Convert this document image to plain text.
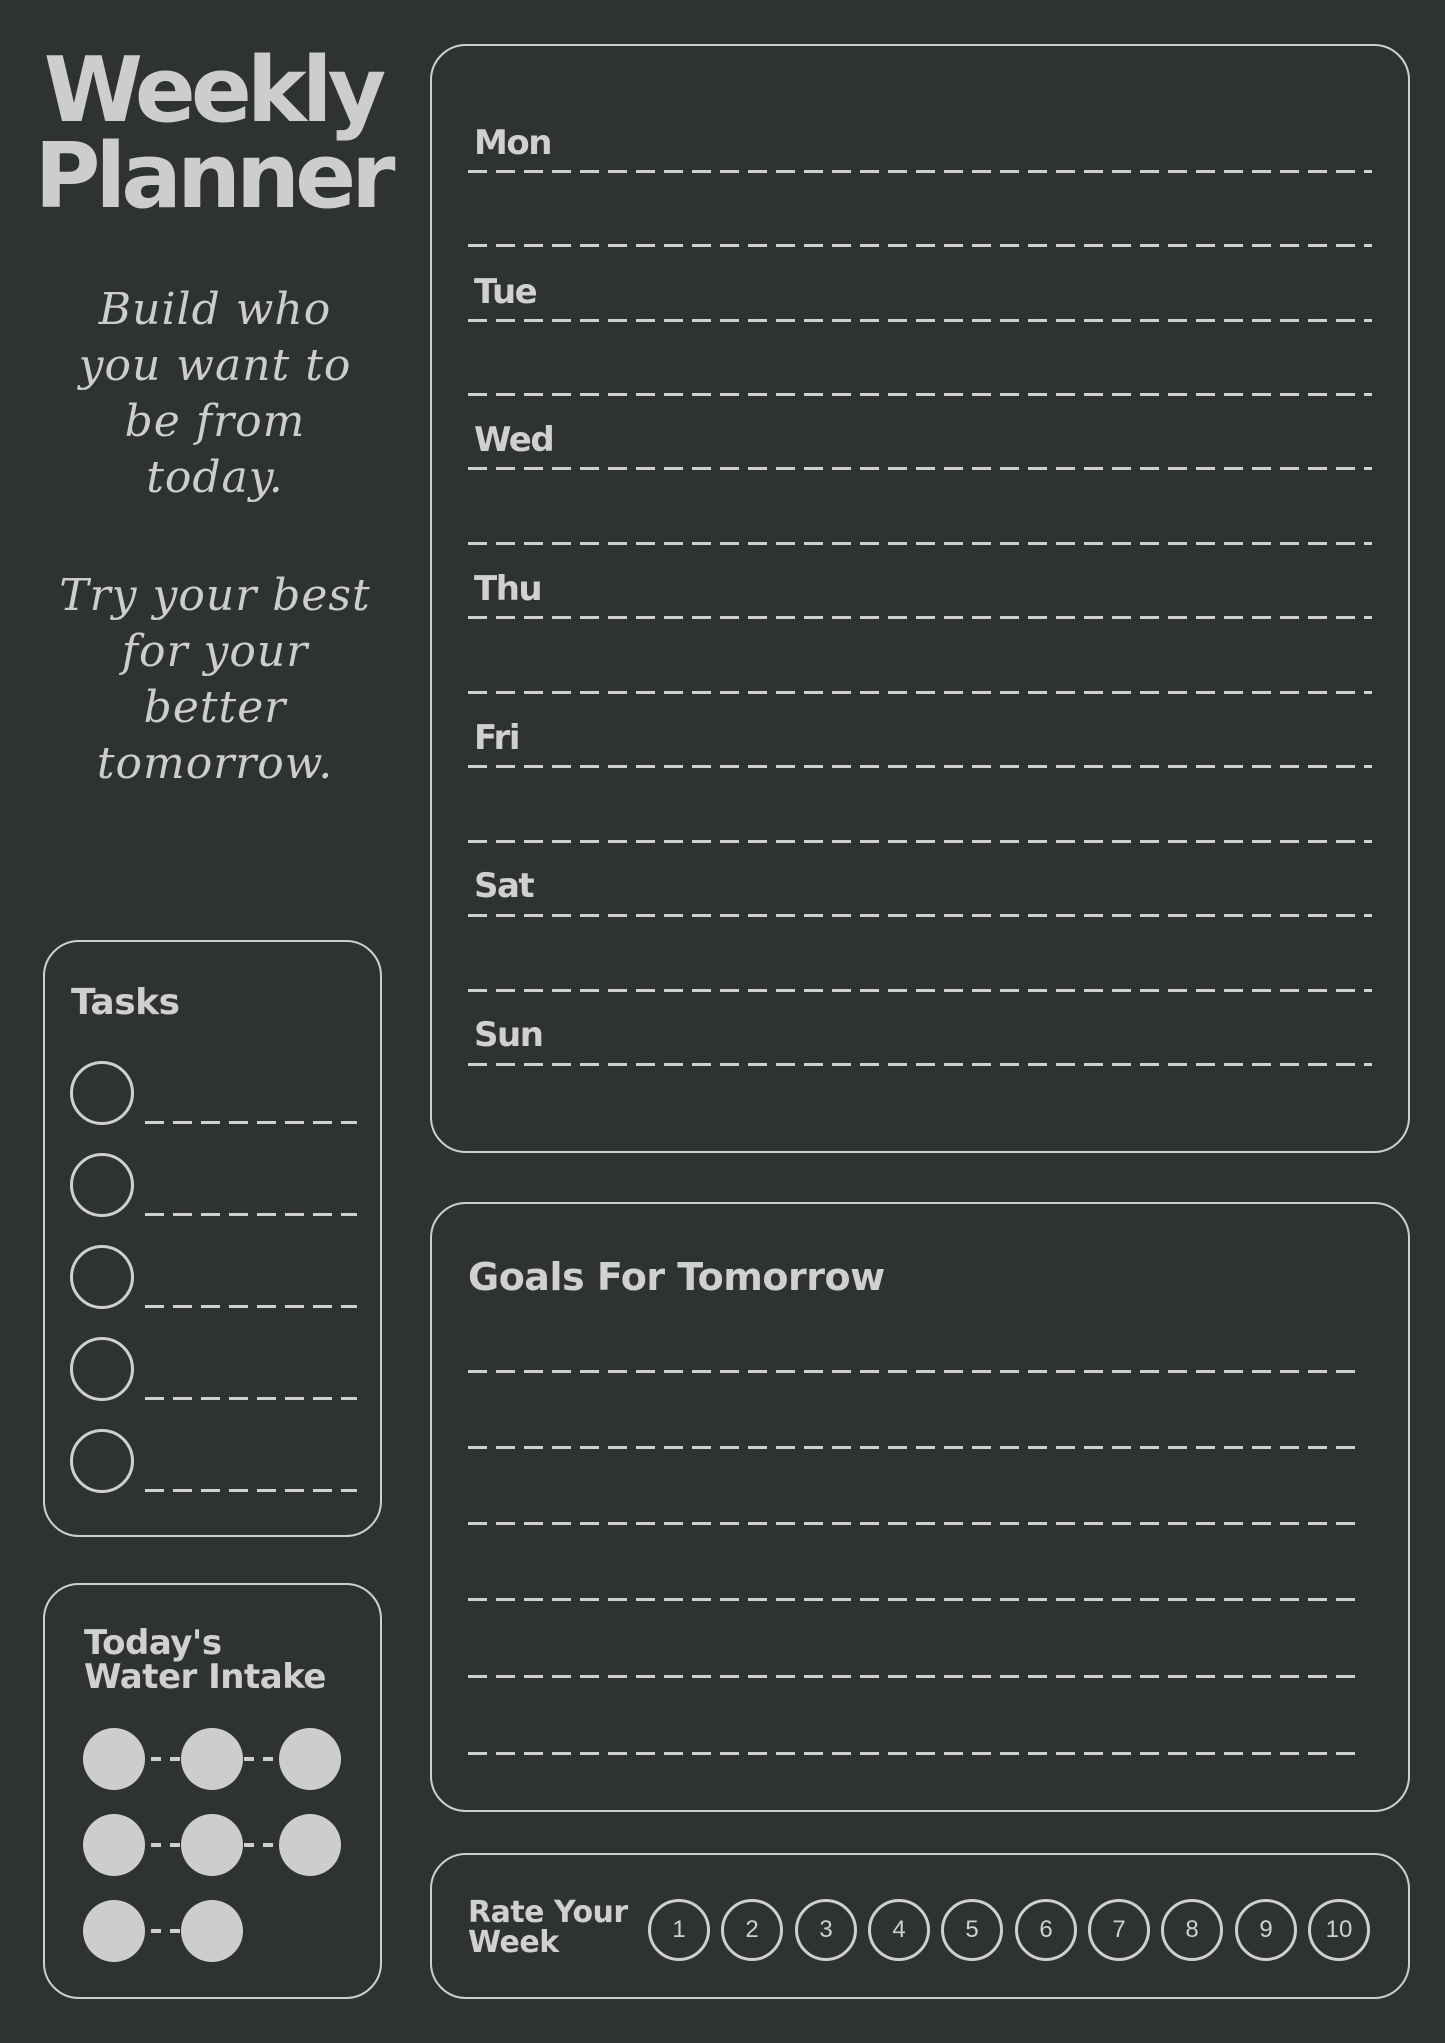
Weekly
Planner
Build who
you want to
be from
today.
Try your best
for your
better
tomorrow.
Mon
Tue
Wed
Thu
Fri
Sat
Sun
Tasks
Today's
Water Intake
Goals For Tomorrow
Rate Your
Week	1	2	3	4	5	6	7	8	9	10
